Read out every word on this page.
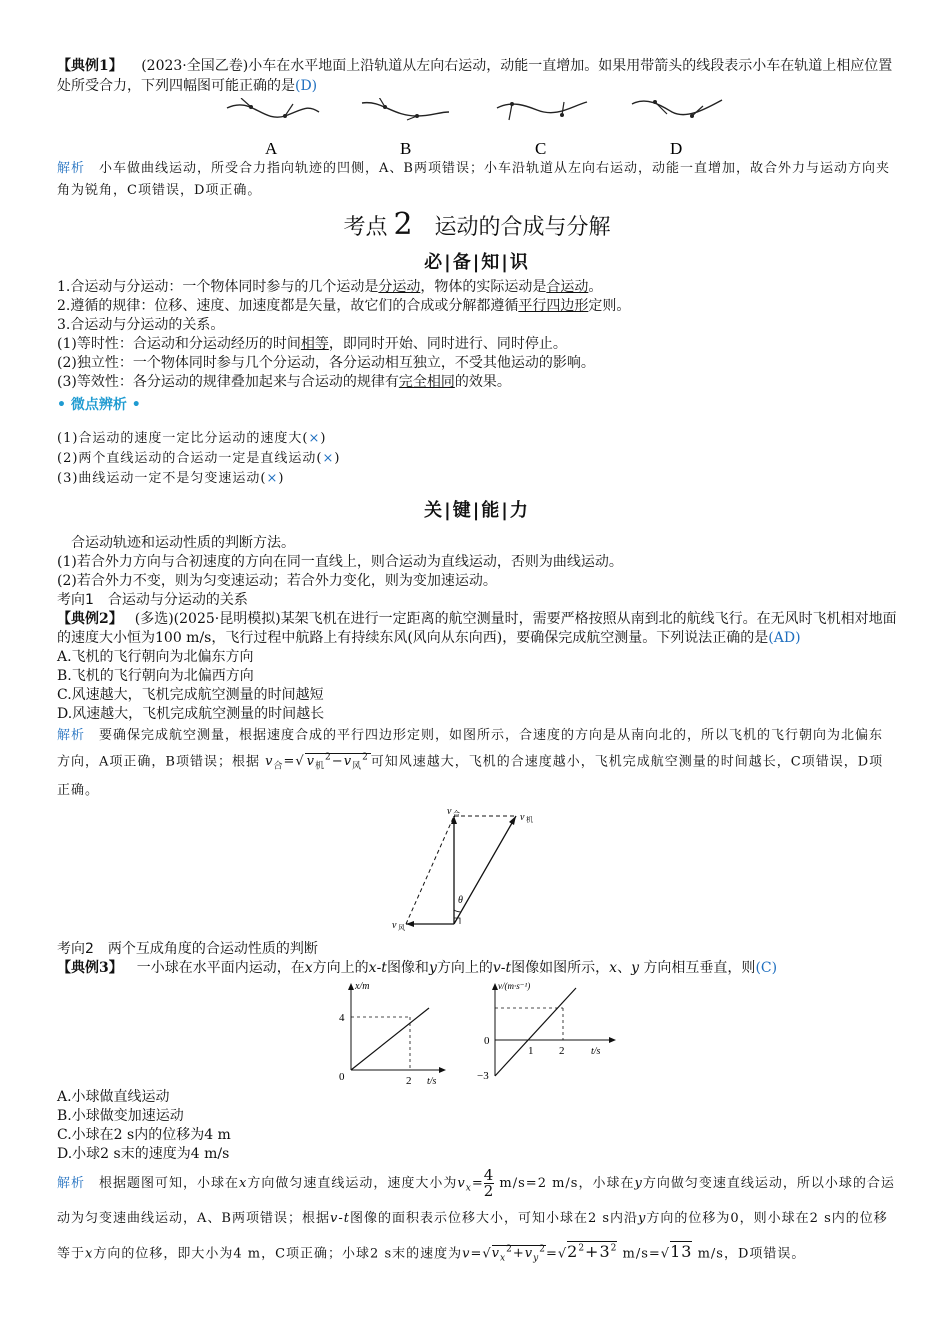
【典例1】 (2023·全国乙卷)小车在水平地面上沿轨道从左向右运动，动能一直增加。如果用带箭头的线段表示小车在轨道上相应位置处所受合力，下列四幅图可能正确的是(D)

A	B	C	D

解析 小车做曲线运动，所受合力指向轨迹的凹侧，A、B两项错误；小车沿轨道从左向右运动，动能一直增加，故合外力与运动方向夹角为锐角，C项错误，D项正确。

考点 2 运动的合成与分解
必|备|知|识

1.合运动与分运动：一个物体同时参与的几个运动是分运动，物体的实际运动是合运动。

2.遵循的规律：位移、速度、加速度都是矢量，故它们的合成或分解都遵循平行四边形定则。

3.合运动与分运动的关系。

(1)等时性：合运动和分运动经历的时间相等，即同时开始、同时进行、同时停止。

(2)独立性：一个物体同时参与几个分运动，各分运动相互独立，不受其他运动的影响。

(3)等效性：各分运动的规律叠加起来与合运动的规律有完全相同的效果。

• 微点辨析 •

(1)合运动的速度一定比分运动的速度大(×)

(2)两个直线运动的合运动一定是直线运动(×)

(3)曲线运动一定不是匀变速运动(×)

关|键|能|力

合运动轨迹和运动性质的判断方法。

(1)若合外力方向与合初速度的方向在同一直线上，则合运动为直线运动，否则为曲线运动。

(2)若合外力不变，则为匀变速运动；若合外力变化，则为变加速运动。

考向1 合运动与分运动的关系

【典例2】 (多选)(2025·昆明模拟)某架飞机在进行一定距离的航空测量时，需要严格按照从南到北的航线飞行。在无风时飞机相对地面的速度大小恒为100 m/s，飞行过程中航路上有持续东风(风向从东向西)，要确保完成航空测量。下列说法正确的是(AD)

A.飞机的飞行朝向为北偏东方向

B.飞机的飞行朝向为北偏西方向

C.风速越大，飞机完成航空测量的时间越短

D.风速越大，飞机完成航空测量的时间越长

解析 要确保完成航空测量，根据速度合成的平行四边形定则，如图所示，合速度的方向是从南向北的，所以飞机的飞行朝向为北偏东方向，A项正确，B项错误；根据 $v_合=√$ $v_机^2-v_风^2$ 可知风速越大，飞机的合速度越小，飞机完成航空测量的时间越长，C项错误，D项正确。

v 合	v 机
v 风
θ

考向2 两个互成角度的合运动性质的判断

【典例3】 一小球在水平面内运动，在x方向上的x-t图像和y方向上的v-t图像如图所示，x、y 方向相互垂直，则(C)

x/m
t/s
4
2
0
v/(m·s⁻¹)
t/s
0
1 2
−3

A.小球做直线运动

B.小球做变加速运动

C.小球在2 s内的位移为4 m

D.小球2 s末的速度为4 m/s

解析 根据题图可知，小球在x方向做匀速直线运动，速度大小为$v_x= \frac{4}{2} m/s=2$ m/s，小球在y方向做匀变速直线运动，所以小球的合运动为匀变速曲线运动，A、B两项错误；根据v-t图像的面积表示位移大小，可知小球在2 s内沿y方向的位移为0，则小球在2 s内的位移等于x方向的位移，即大小为4 m，C项正确；小球2 s末的速度为$v=√v_x^2+v_y^2=√2^2+3^2$ m/s=√13 m/s，D项错误。
